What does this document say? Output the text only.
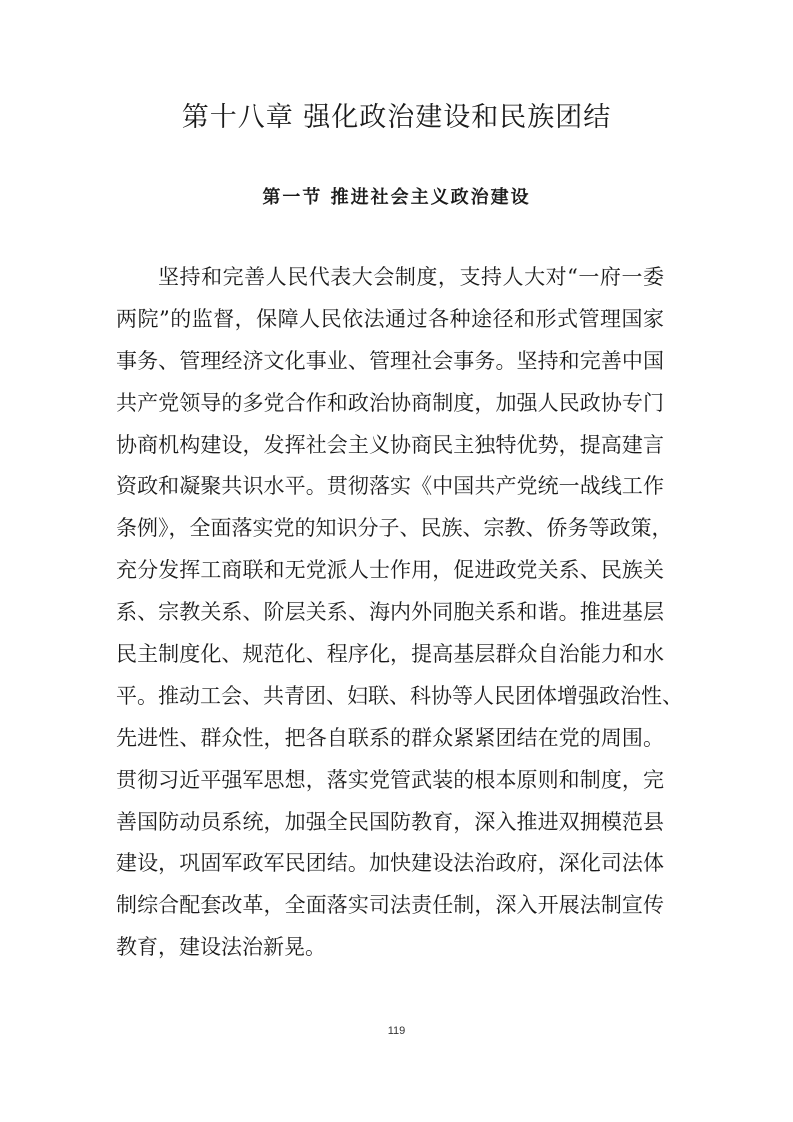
第十八章 强化政治建设和民族团结
第一节 推进社会主义政治建设
坚持和完善人民代表大会制度，支持人大对“一府一委
两院”的监督，保障人民依法通过各种途径和形式管理国家
事务、管理经济文化事业、管理社会事务。坚持和完善中国
共产党领导的多党合作和政治协商制度，加强人民政协专门
协商机构建设，发挥社会主义协商民主独特优势，提高建言
资政和凝聚共识水平。贯彻落实《中国共产党统一战线工作
条例》，全面落实党的知识分子、民族、宗教、侨务等政策，
充分发挥工商联和无党派人士作用，促进政党关系、民族关
系、宗教关系、阶层关系、海内外同胞关系和谐。推进基层
民主制度化、规范化、程序化，提高基层群众自治能力和水
平。推动工会、共青团、妇联、科协等人民团体增强政治性、
先进性、群众性，把各自联系的群众紧紧团结在党的周围。
贯彻习近平强军思想，落实党管武装的根本原则和制度，完
善国防动员系统，加强全民国防教育，深入推进双拥模范县
建设，巩固军政军民团结。加快建设法治政府，深化司法体
制综合配套改革，全面落实司法责任制，深入开展法制宣传
教育，建设法治新晃。
119
